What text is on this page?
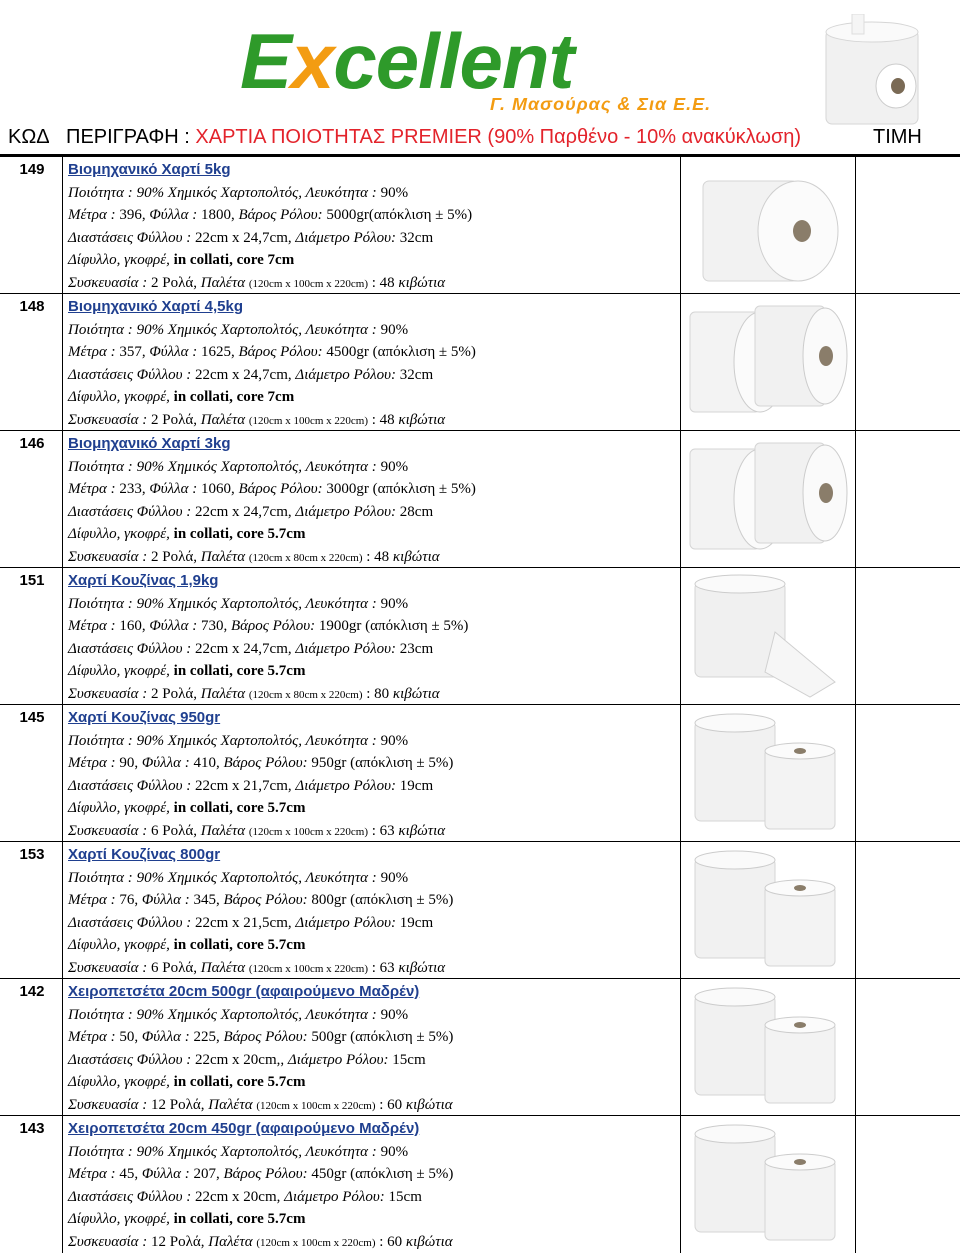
Excellent
Γ. Μασούρας & Σια Ε.Ε.
ΚΩΔ ΠΕΡΙΓΡΑΦΗ : ΧΑΡΤΙΑ ΠΟΙΟΤΗΤΑΣ PREMIER (90% Παρθένο - 10% ανακύκλωση)	ΤΙΜΗ
149	Βιομηχανικό Χαρτί 5kg
Ποιότητα : 90% Χημικός Χαρτοπολτός, Λευκότητα : 90%
Μέτρα : 396, Φύλλα : 1800, Βάρος Ρόλου: 5000gr(απόκλιση ± 5%)
Διαστάσεις Φύλλου : 22cm x 24,7cm, Διάμετρο Ρόλου: 32cm
Δίφυλλο, γκοφρέ, in collati, core 7cm
Συσκευασία : 2 Ρολά, Παλέτα (120cm x 100cm x 220cm) : 48 κιβώτια
148	Βιομηχανικό Χαρτί 4,5kg
Ποιότητα : 90% Χημικός Χαρτοπολτός, Λευκότητα : 90%
Μέτρα : 357, Φύλλα : 1625, Βάρος Ρόλου: 4500gr (απόκλιση ± 5%)
Διαστάσεις Φύλλου : 22cm x 24,7cm, Διάμετρο Ρόλου: 32cm
Δίφυλλο, γκοφρέ, in collati, core 7cm
Συσκευασία : 2 Ρολά, Παλέτα (120cm x 100cm x 220cm) : 48 κιβώτια
146	Βιομηχανικό Χαρτί 3kg
Ποιότητα : 90% Χημικός Χαρτοπολτός, Λευκότητα : 90%
Μέτρα : 233, Φύλλα : 1060, Βάρος Ρόλου: 3000gr (απόκλιση ± 5%)
Διαστάσεις Φύλλου : 22cm x 24,7cm, Διάμετρο Ρόλου: 28cm
Δίφυλλο, γκοφρέ, in collati, core 5.7cm
Συσκευασία : 2 Ρολά, Παλέτα (120cm x 80cm x 220cm) : 48 κιβώτια
151	Χαρτί Κουζίνας 1,9kg
Ποιότητα : 90% Χημικός Χαρτοπολτός, Λευκότητα : 90%
Μέτρα : 160, Φύλλα : 730, Βάρος Ρόλου: 1900gr (απόκλιση ± 5%)
Διαστάσεις Φύλλου : 22cm x 24,7cm, Διάμετρο Ρόλου: 23cm
Δίφυλλο, γκοφρέ, in collati, core 5.7cm
Συσκευασία : 2 Ρολά, Παλέτα (120cm x 80cm x 220cm) : 80 κιβώτια
145	Χαρτί Κουζίνας 950gr
Ποιότητα : 90% Χημικός Χαρτοπολτός, Λευκότητα : 90%
Μέτρα : 90, Φύλλα : 410, Βάρος Ρόλου: 950gr (απόκλιση ± 5%)
Διαστάσεις Φύλλου : 22cm x 21,7cm, Διάμετρο Ρόλου: 19cm
Δίφυλλο, γκοφρέ, in collati, core 5.7cm
Συσκευασία : 6 Ρολά, Παλέτα (120cm x 100cm x 220cm) : 63 κιβώτια
153	Χαρτί Κουζίνας 800gr
Ποιότητα : 90% Χημικός Χαρτοπολτός, Λευκότητα : 90%
Μέτρα : 76, Φύλλα : 345, Βάρος Ρόλου: 800gr (απόκλιση ± 5%)
Διαστάσεις Φύλλου : 22cm x 21,5cm, Διάμετρο Ρόλου: 19cm
Δίφυλλο, γκοφρέ, in collati, core 5.7cm
Συσκευασία : 6 Ρολά, Παλέτα (120cm x 100cm x 220cm) : 63 κιβώτια
142	Χειροπετσέτα 20cm 500gr (αφαιρούμενο Μαδρέν)
Ποιότητα : 90% Χημικός Χαρτοπολτός, Λευκότητα : 90%
Μέτρα : 50, Φύλλα : 225, Βάρος Ρόλου: 500gr (απόκλιση ± 5%)
Διαστάσεις Φύλλου : 22cm x 20cm,, Διάμετρο Ρόλου: 15cm
Δίφυλλο, γκοφρέ, in collati, core 5.7cm
Συσκευασία : 12 Ρολά, Παλέτα (120cm x 100cm x 220cm) : 60 κιβώτια
143	Χειροπετσέτα 20cm 450gr (αφαιρούμενο Μαδρέν)
Ποιότητα : 90% Χημικός Χαρτοπολτός, Λευκότητα : 90%
Μέτρα : 45, Φύλλα : 207, Βάρος Ρόλου: 450gr (απόκλιση ± 5%)
Διαστάσεις Φύλλου : 22cm x 20cm, Διάμετρο Ρόλου: 15cm
Δίφυλλο, γκοφρέ, in collati, core 5.7cm
Συσκευασία : 12 Ρολά, Παλέτα (120cm x 100cm x 220cm) : 60 κιβώτια
